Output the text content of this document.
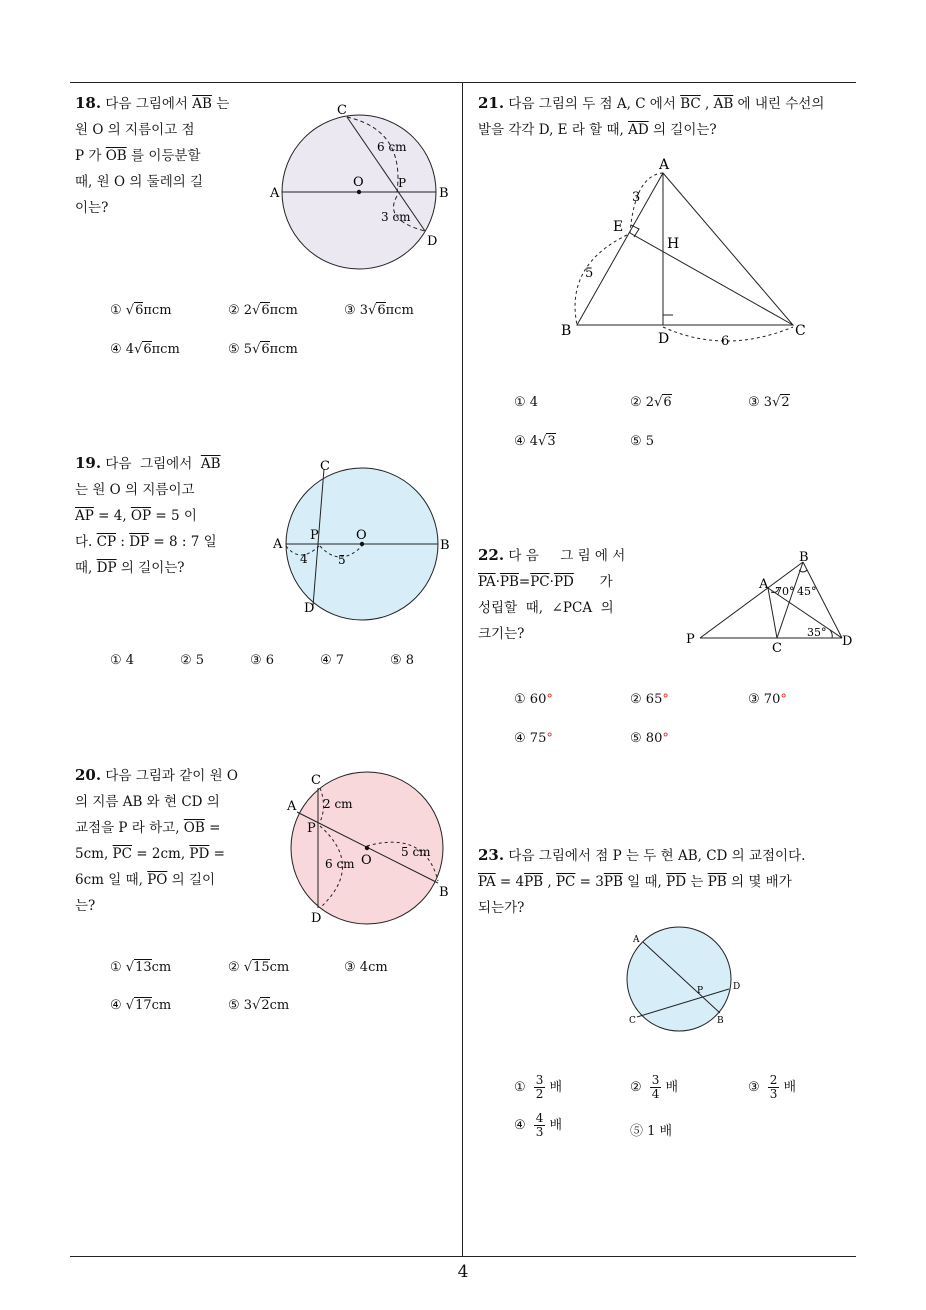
18. 다음 그림에서 $\overline{AB}$ 는
원 O 의 지름이고 점
P 가 $\overline{OB}$ 를 이등분할
때, 원 O 의 둘레의 길
이는?
C
A	B
D
O	P
6 cm
3 cm
① √6πcm	② 2√6πcm	③ 3√6πcm
④ 4√6πcm	⑤ 5√6πcm
19. 다음  그림에서  $\overline{AB}$
는 원 O 의 지름이고
$\overline{AP} = 4$, $\overline{OP} = 5$ 이
다. $\overline{CP}$ : $\overline{DP} = 8$ : 7 일
때, $\overline{DP}$ 의 길이는?
C
A	B
D
O
P
4	5
① 4	② 5	③ 6	④ 7	⑤ 8
20. 다음 그림과 같이 원 O
의 지름 AB 와 현 CD 의
교점을 P 라 하고, $\overline{OB}$ =
5cm, $\overline{PC} = 2cm$, $\overline{PD}$ =
6cm 일 때, $\overline{PO}$ 의 길이
는?
C
A
B
D
O
P
2 cm
6 cm
5 cm
① √13cm	② √15cm	③ 4cm
④ √17cm	⑤ 3√2cm
21. 다음 그림의 두 점 A, C 에서 $\overline{BC}$ , $\overline{AB}$ 에 내린 수선의
발을 각각 D, E 라 할 때, $\overline{AD}$ 의 길이는?
A
B	C
D
E
H
3
5
6
① 4	② 2√6	③ 3√2
④ 4√3	⑤ 5
22. 다 음     그 림 에 서
$\overline{PA}\cdot\overline{PB}=\overline{PC}\cdot\overline{PD}$      가
성립할  때,  ∠PCA  의
크기는?
B
A
P
C	D
70° 45°
35°
① 60°	② 65°	③ 70°
④ 75°	⑤ 80°
23. 다음 그림에서 점 P 는 두 현 AB, CD 의 교점이다.
$\overline{PA} = 4\overline{PB}$ , $\overline{PC} = 3\overline{PB}$ 일 때, $\overline{PD}$ 는 $\overline{PB}$ 의 몇 배가
되는가?
A
B
C
D
P
① $\frac{3}{2}$ 배	② $\frac{3}{4}$ 배	③ $\frac{2}{3}$ 배
④ $\frac{4}{3}$ 배	⑤ 1 배
4
